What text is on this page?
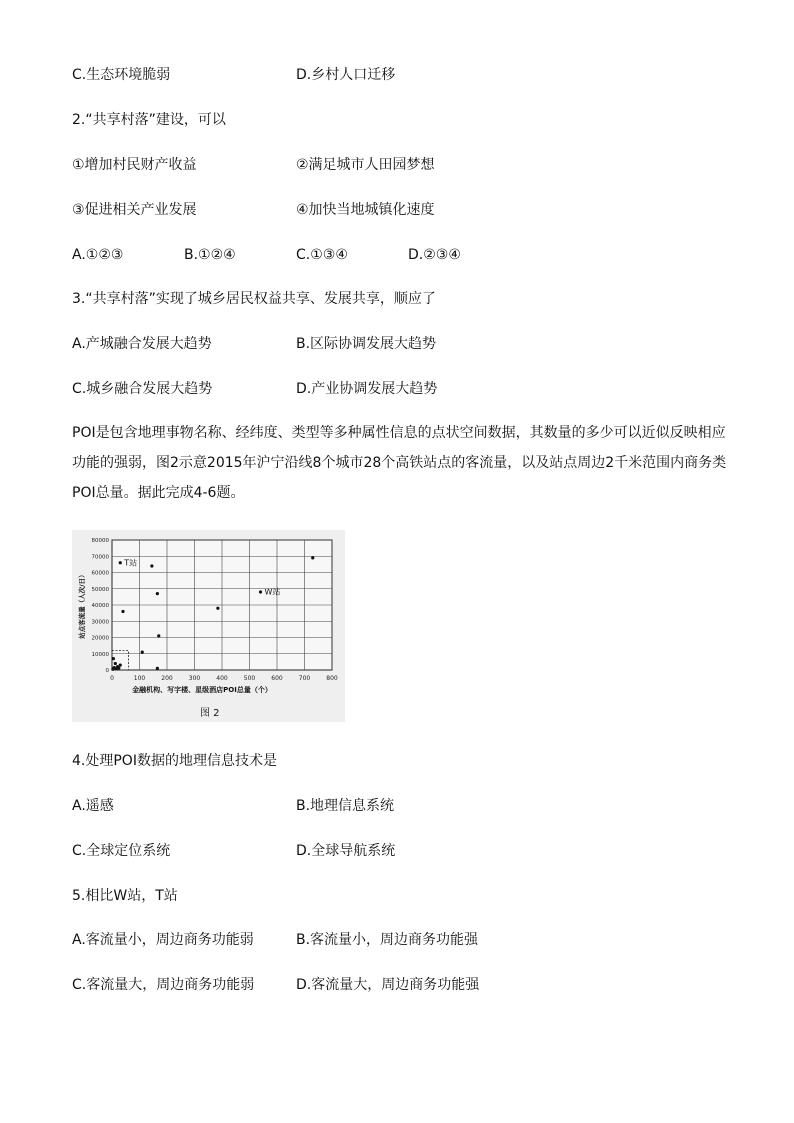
C.生态环境脆弱	D.乡村人口迁移
2.“共享村落”建设，可以
①增加村民财产收益	②满足城市人田园梦想
③促进相关产业发展	④加快当地城镇化速度
A.①②③	B.①②④	C.①③④	D.②③④
3.“共享村落”实现了城乡居民权益共享、发展共享，顺应了
A.产城融合发展大趋势	B.区际协调发展大趋势
C.城乡融合发展大趋势	D.产业协调发展大趋势
POI是包含地理事物名称、经纬度、类型等多种属性信息的点状空间数据，其数量的多少可以近似反映相应功能的强弱，图2示意2015年沪宁沿线8个城市28个高铁站点的客流量，以及站点周边2千米范围内商务类POI总量。据此完成4-6题。
0	100	200	300	400	500	600	700	800
0
10000
20000
30000
40000
50000
60000
70000
80000
T站
W站
金融机构、写字楼、星级酒店POI总量（个）
站点客流量（人次/日）
图 2
4.处理POI数据的地理信息技术是
A.遥感	B.地理信息系统
C.全球定位系统	D.全球导航系统
5.相比W站，T站
A.客流量小，周边商务功能弱	B.客流量小，周边商务功能强
C.客流量大，周边商务功能弱	D.客流量大，周边商务功能强
